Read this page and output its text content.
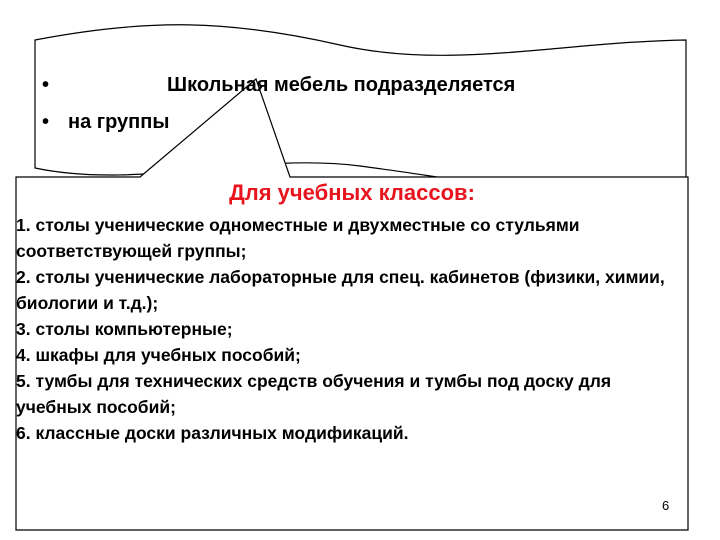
•	Школьная мебель подразделяется
• на группы
Для учебных классов:
1. столы ученические одноместные и двухместные со стульями соответствующей группы;
2. столы ученические лабораторные для спец. кабинетов (физики, химии, биологии и т.д.);
3. столы компьютерные;
4. шкафы для учебных пособий;
5. тумбы для технических средств обучения и тумбы под доску для учебных пособий;
6. классные доски различных модификаций.
6
